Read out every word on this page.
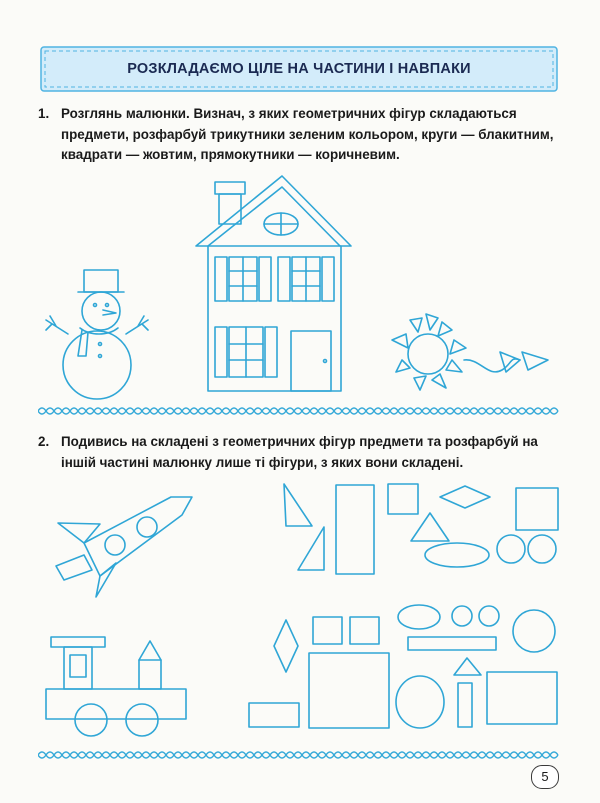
РОЗКЛАДАЄМО ЦІЛЕ НА ЧАСТИНИ І НАВПАКИ
1. Розглянь малюнки. Визнач, з яких геометричних фігур складаються предмети, розфарбуй трикутники зеленим кольором, круги — блакитним, квадрати — жовтим, прямокутники — коричневим.
2. Подивись на складені з геометричних фігур предмети та розфарбуй на іншій частині малюнку лише ті фігури, з яких вони складені.
5
